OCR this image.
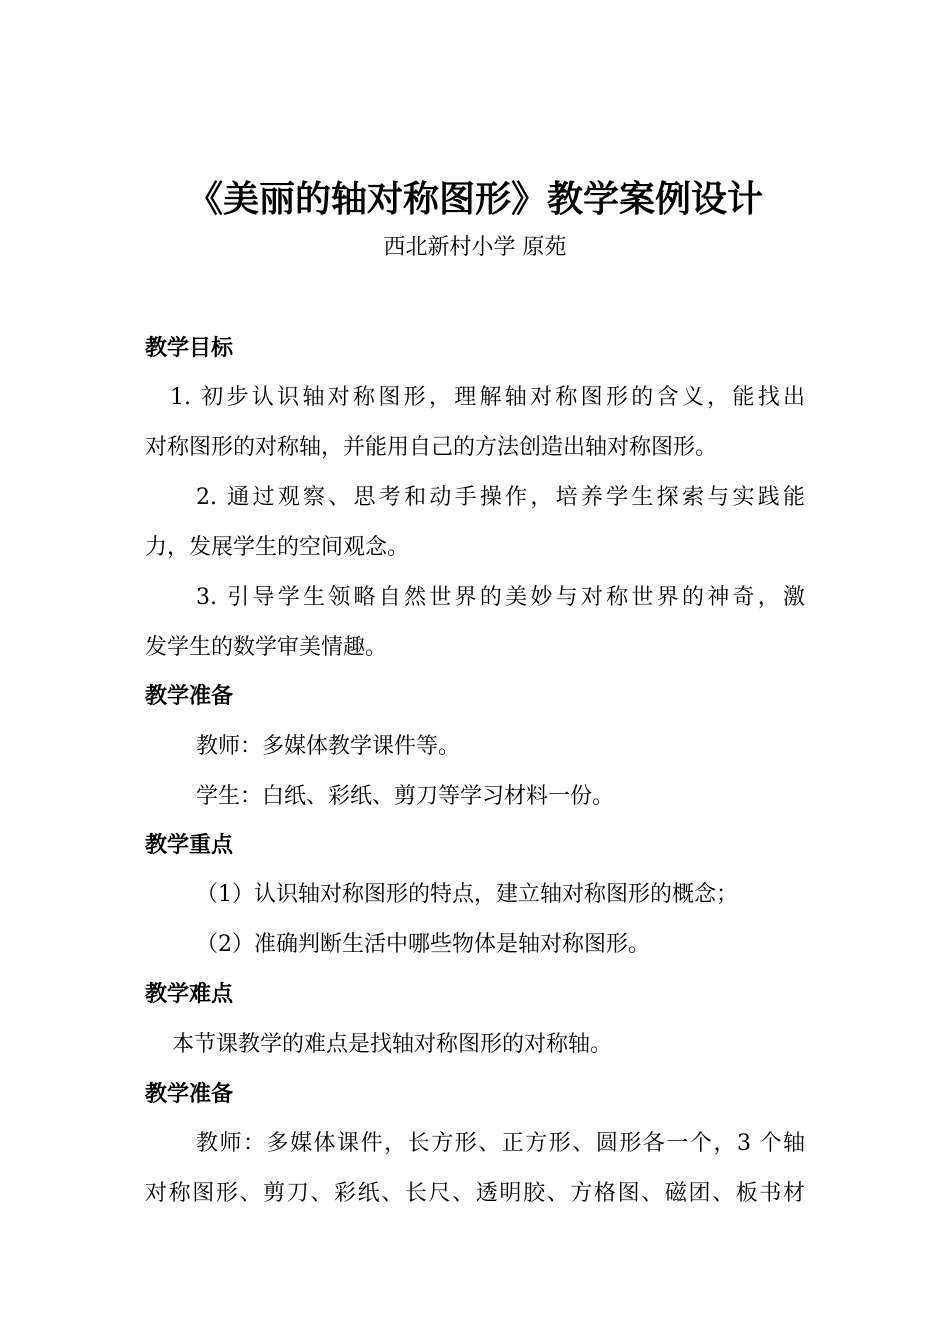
《美丽的轴对称图形》教学案例设计
西北新村小学 原苑
教学目标
1. 初步认识轴对称图形，理解轴对称图形的含义，能找出
对称图形的对称轴，并能用自己的方法创造出轴对称图形。
2. 通过观察、思考和动手操作，培养学生探索与实践能
力，发展学生的空间观念。
3. 引导学生领略自然世界的美妙与对称世界的神奇，激
发学生的数学审美情趣。
教学准备
教师：多媒体教学课件等。
学生：白纸、彩纸、剪刀等学习材料一份。
教学重点
（1）认识轴对称图形的特点，建立轴对称图形的概念；
（2）准确判断生活中哪些物体是轴对称图形。
教学难点
本节课教学的难点是找轴对称图形的对称轴。
教学准备
教师：多媒体课件，长方形、正方形、圆形各一个，3 个轴
对称图形、剪刀、彩纸、长尺、透明胶、方格图、磁团、板书材
